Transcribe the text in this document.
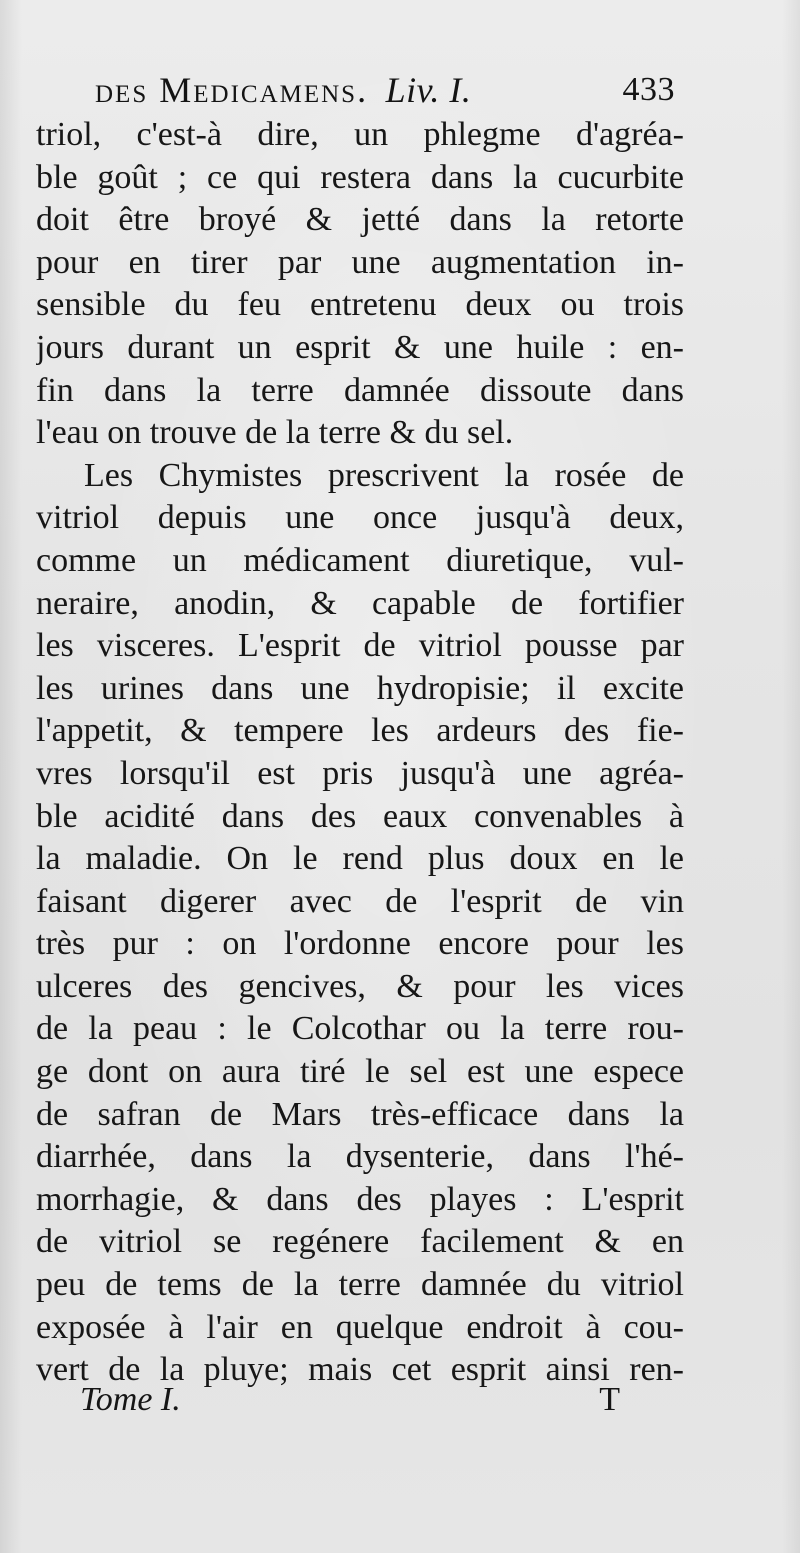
des Medicamens. Liv. I.	433
triol, c'est-à dire, un phlegme d'agréa-
ble goût ; ce qui restera dans la cucurbite
doit être broyé & jetté dans la retorte
pour en tirer par une augmentation in-
sensible du feu entretenu deux ou trois
jours durant un esprit & une huile : en-
fin dans la terre damnée dissoute dans
l'eau on trouve de la terre & du sel.
Les Chymistes prescrivent la rosée de
vitriol depuis une once jusqu'à deux,
comme un médicament diuretique, vul-
neraire, anodin, & capable de fortifier
les visceres. L'esprit de vitriol pousse par
les urines dans une hydropisie; il excite
l'appetit, & tempere les ardeurs des fie-
vres lorsqu'il est pris jusqu'à une agréa-
ble acidité dans des eaux convenables à
la maladie. On le rend plus doux en le
faisant digerer avec de l'esprit de vin
très pur : on l'ordonne encore pour les
ulceres des gencives, & pour les vices
de la peau : le Colcothar ou la terre rou-
ge dont on aura tiré le sel est une espece
de safran de Mars très-efficace dans la
diarrhée, dans la dysenterie, dans l'hé-
morrhagie, & dans des playes : L'esprit
de vitriol se regénere facilement & en
peu de tems de la terre damnée du vitriol
exposée à l'air en quelque endroit à cou-
vert de la pluye; mais cet esprit ainsi ren-
Tome I.	T
